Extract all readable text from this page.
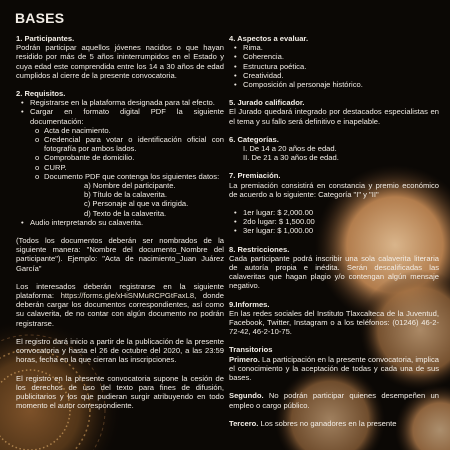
BASES

1. Participantes.

Podrán participar aquellos jóvenes nacidos o que hayan residido por más de 5 años ininterrumpidos en el Estado y cuya edad este comprendida entre los 14 a 30 años de edad cumplidos al cierre de la presente convocatoria.

2. Requisitos.

• Registrarse en la plataforma designada para tal efecto.
• Cargar en formato digital PDF la siguiente documentación:
o Acta de nacimiento.
o Credencial para votar o identificación oficial con fotografía por ambos lados.
o Comprobante de domicilio.
o CURP.
o Documento PDF que contenga los siguientes datos:
a) Nombre del participante.
b) Título de la calaverita.
c) Personaje al que va dirigida.
d) Texto de la calaverita.
• Audio interpretando su calaverita.

(Todos los documentos deberán ser nombrados de la siguiente manera: "Nombre del documento_Nombre del participante"). Ejemplo: "Acta de nacimiento_Juan Juárez García"

Los interesados deberán registrarse en la siguiente plataforma: https://forms.gle/xHiSNMuRCPGtFaxL8, donde deberán cargar los documentos correspondientes, así como su calaverita, de no contar con algún documento no podrán registrarse.

El registro dará inicio a partir de la publicación de la presente convocatoria y hasta el 26 de octubre del 2020, a las 23:59 horas, fecha en la que cierran las inscripciones.

El registro en la presente convocatoria supone la cesión de los derechos de uso del texto para fines de difusión, publicitarios y los que pudieran surgir atribuyendo en todo momento el autor correspondiente.

4. Aspectos a evaluar.

• Rima.
• Coherencia.
• Estructura poética.
• Creatividad.
• Composición al personaje histórico.

5. Jurado calificador.

El Jurado quedará integrado por destacados especialistas en el tema y su fallo será definitivo e inapelable.

6. Categorías.

I. De 14 a 20 años de edad.
II. De 21 a 30 años de edad.

7. Premiación.

La premiación consistirá en constancia y premio económico de acuerdo a lo siguiente: Categoría "I" y "II"

• 1er lugar: $ 2,000.00
• 2do lugar: $ 1,500.00
• 3er lugar: $ 1,000.00

8. Restricciones.

Cada participante podrá inscribir una sola calaverita literaria de autoría propia e inédita. Serán descalificadas las calaveritas que hagan plagio y/o contengan algún mensaje negativo.

9.Informes.

En las redes sociales del Instituto Tlaxcalteca de la Juventud, Facebook, Twitter, Instagram o a los teléfonos: (01246) 46-2-72-42, 46-2-10-75.

Transitorios

Primero. La participación en la presente convocatoria, implica el conocimiento y la aceptación de todas y cada una de sus bases.

Segundo. No podrán participar quienes desempeñen un empleo o cargo público.

Tercero. Los sobres no ganadores en la presente
